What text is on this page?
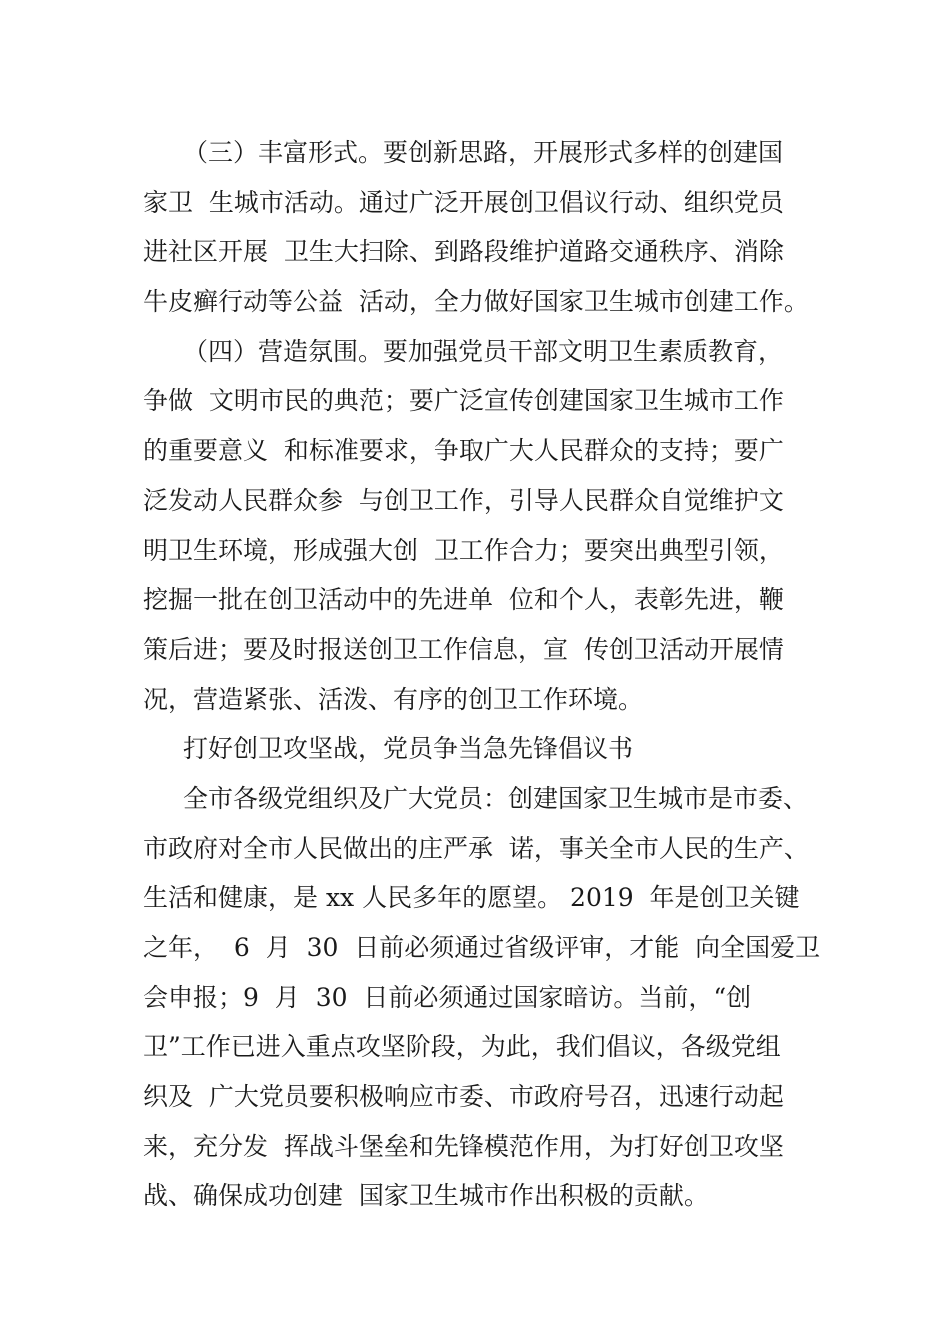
（三）丰富形式。要创新思路，开展形式多样的创建国
家卫  生城市活动。通过广泛开展创卫倡议行动、组织党员
进社区开展  卫生大扫除、到路段维护道路交通秩序、消除
牛皮癣行动等公益  活动，全力做好国家卫生城市创建工作。
（四）营造氛围。要加强党员干部文明卫生素质教育，
争做  文明市民的典范；要广泛宣传创建国家卫生城市工作
的重要意义  和标准要求，争取广大人民群众的支持；要广
泛发动人民群众参  与创卫工作，引导人民群众自觉维护文
明卫生环境，形成强大创  卫工作合力；要突出典型引领，
挖掘一批在创卫活动中的先进单  位和个人，表彰先进，鞭
策后进；要及时报送创卫工作信息，宣  传创卫活动开展情
况，营造紧张、活泼、有序的创卫工作环境。
打好创卫攻坚战，党员争当急先锋倡议书
全市各级党组织及广大党员：创建国家卫生城市是市委、
市政府对全市人民做出的庄严承  诺，事关全市人民的生产、
生活和健康，是 xx 人民多年的愿望。 2019  年是创卫关键
之年，  6  月  30  日前必须通过省级评审，才能  向全国爱卫
会申报；9  月  30  日前必须通过国家暗访。当前，“创
卫”工作已进入重点攻坚阶段，为此，我们倡议，各级党组
织及  广大党员要积极响应市委、市政府号召，迅速行动起
来，充分发  挥战斗堡垒和先锋模范作用，为打好创卫攻坚
战、确保成功创建  国家卫生城市作出积极的贡献。
